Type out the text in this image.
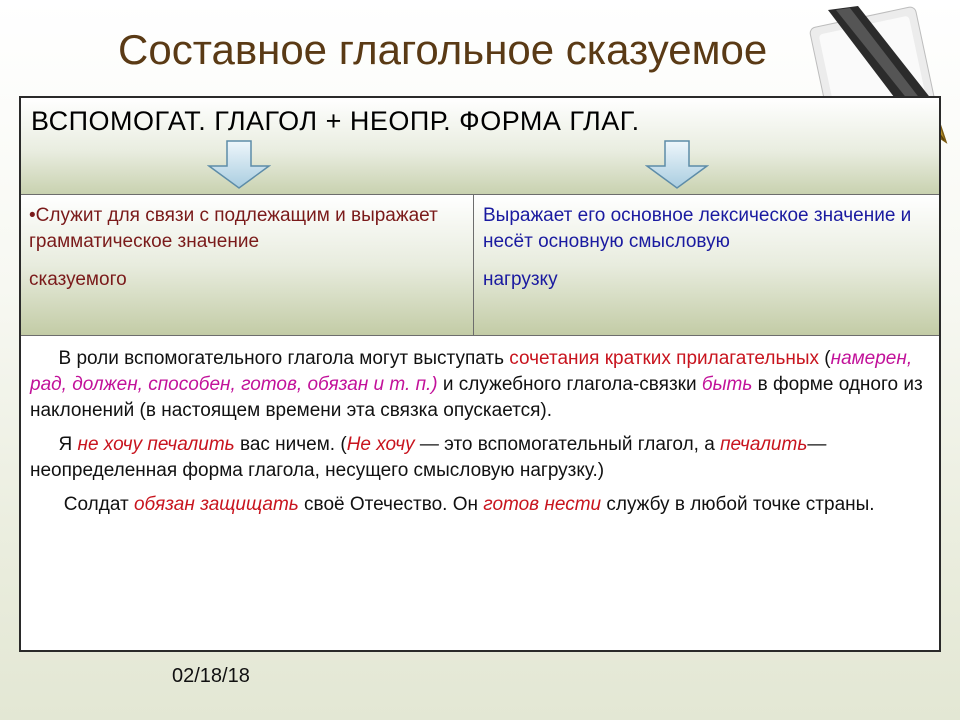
Составное глагольное сказуемое
ВСПОМОГАТ. ГЛАГОЛ + НЕОПР. ФОРМА ГЛАГ.
•Служит для связи с подлежащим и выражает грамматическое значение
сказуемого
Выражает его основное лексическое значение и несёт основную смысловую
нагрузку

  В роли вспомогательного глагола могут выступать сочетания кратких прилагательных (намерен, рад, должен, способен, готов, обязан и т. п.) и служебного глагола-связки быть в форме одного из наклонений (в настоящем времени эта связка опускается).

  Я не хочу печалить вас ничем. (Не хочу — это вспомогательный глагол, а печалить— неопределенная форма глагола, несущего смысловую нагрузку.)

   Солдат обязан защищать своё Отечество. Он готов нести службу в любой точке страны.

02/18/18
